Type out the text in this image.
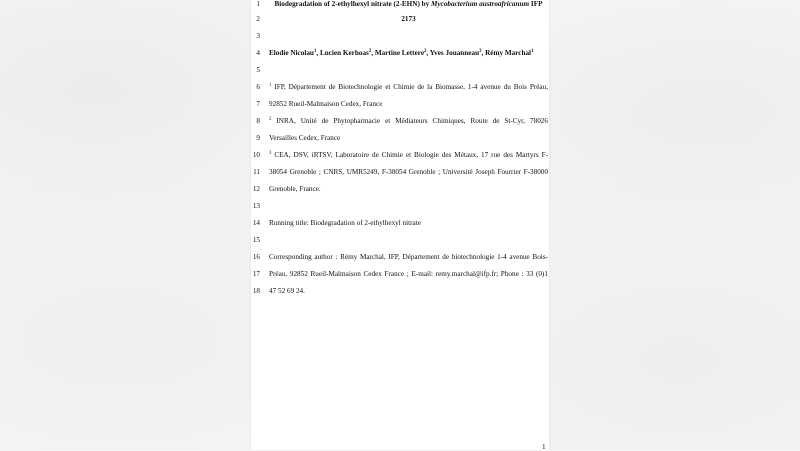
1	Biodegradation of 2-ethylhexyl nitrate (2-EHN) by Mycobacterium austroafricanum IFP
2	2173
3
4 Elodie Nicolau$^1$, Lucien Kerhoas$^2$, Martine Lettere$^2$, Yves Jouanneau$^3$, Rémy Marchal$^1$
5
6 $^1$ IFP, Département de Biotechnologie et Chimie de la Biomasse, 1-4 avenue du Bois Préau,
7 92852 Rueil-Malmaison Cedex, France
8 $^2$ INRA, Unité de Phytopharmacie et Médiateurs Chimiques, Route de St-Cyr, 78026
9 Versailles Cedex, France
10 $^3$ CEA, DSV, iRTSV, Laboratoire de Chimie et Biologie des Métaux, 17 rue des Martyrs F-
11 38054 Grenoble ; CNRS, UMR5249, F-38054 Grenoble ; Université Joseph Fourrier F-38000
12 Grenoble, France.
13
14 Running title: Biodegradation of 2-ethylhexyl nitrate
15
16 Corresponding author : Rémy Marchal, IFP, Département de biotechnologie 1-4 avenue Bois-
17 Préau, 92852 Rueil-Malmaison Cedex France ; E-mail: remy.marchal@ifp.fr; Phone : 33 (0)1
18 47 52 69 24.
1
